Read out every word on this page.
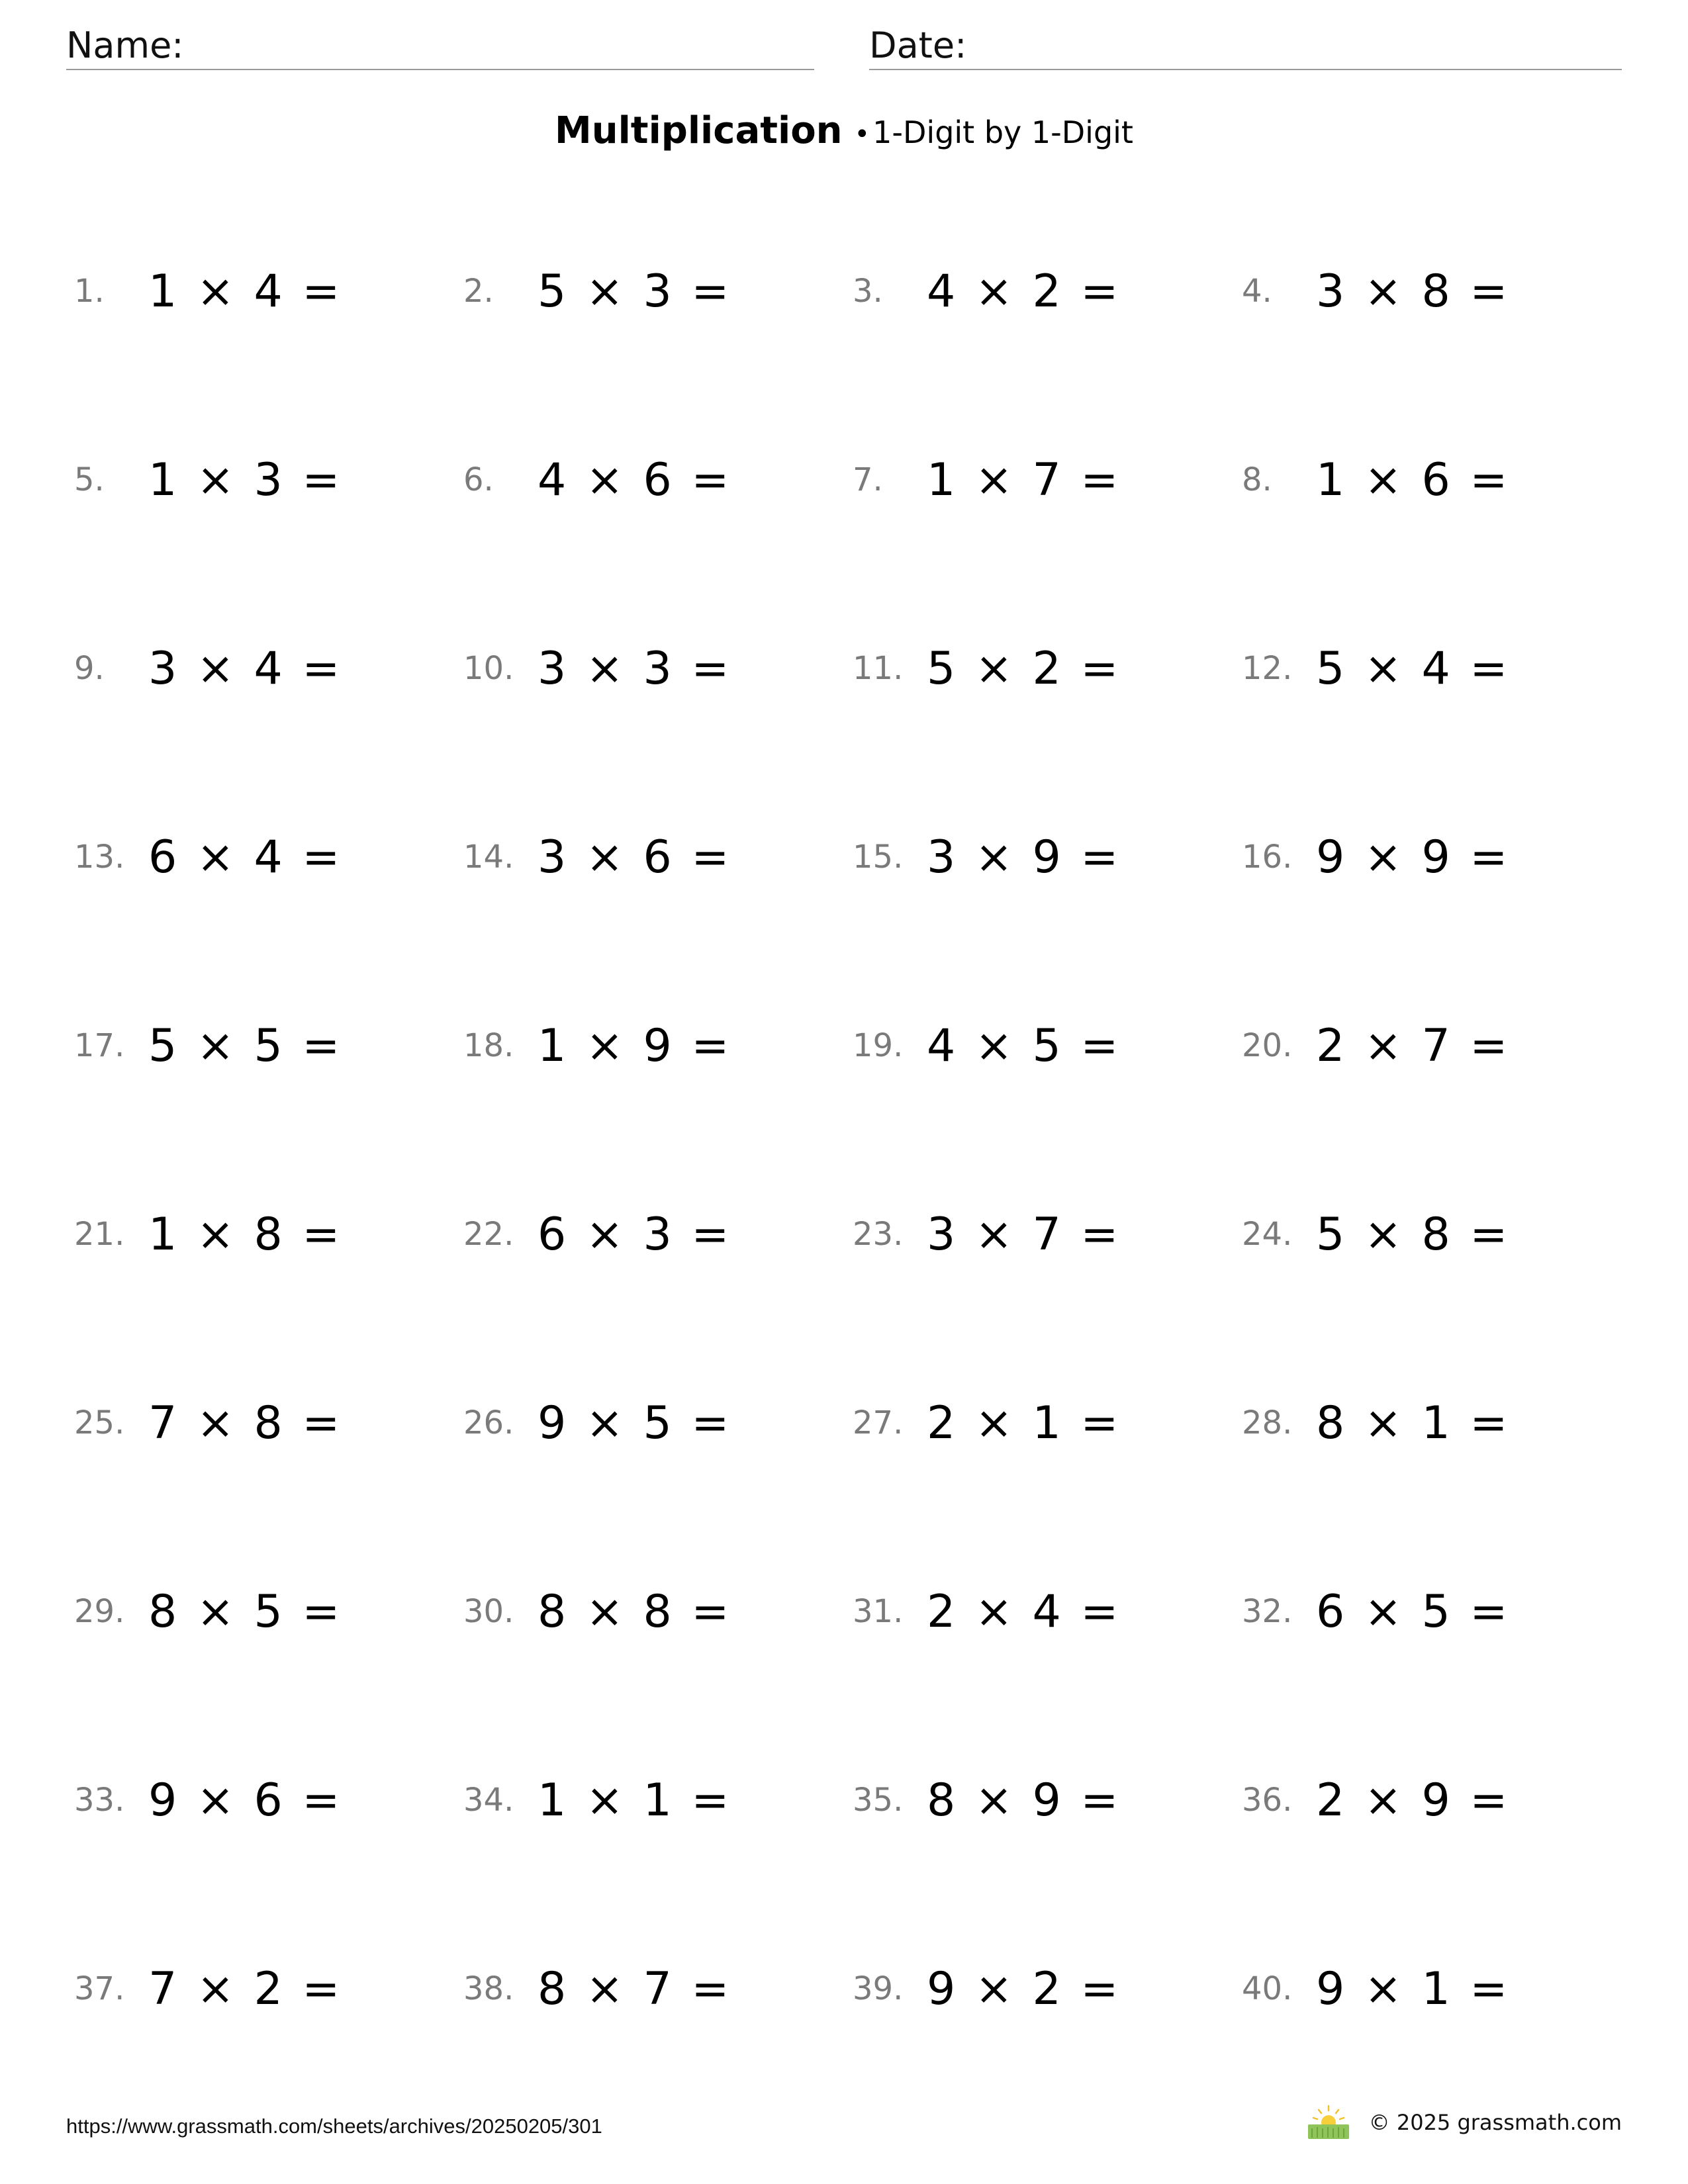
Name:	Date:
Multiplication •1-Digit by 1-Digit
1. 1 × 4 =	2. 5 × 3 =	3. 4 × 2 =	4. 3 × 8 =
5. 1 × 3 =	6. 4 × 6 =	7. 1 × 7 =	8. 1 × 6 =
9. 3 × 4 =	10. 3 × 3 =	11. 5 × 2 =	12. 5 × 4 =
13. 6 × 4 =	14. 3 × 6 =	15. 3 × 9 =	16. 9 × 9 =
17. 5 × 5 =	18. 1 × 9 =	19. 4 × 5 =	20. 2 × 7 =
21. 1 × 8 =	22. 6 × 3 =	23. 3 × 7 =	24. 5 × 8 =
25. 7 × 8 =	26. 9 × 5 =	27. 2 × 1 =	28. 8 × 1 =
29. 8 × 5 =	30. 8 × 8 =	31. 2 × 4 =	32. 6 × 5 =
33. 9 × 6 =	34. 1 × 1 =	35. 8 × 9 =	36. 2 × 9 =
37. 7 × 2 =	38. 8 × 7 =	39. 9 × 2 =	40. 9 × 1 =
https://www.grassmath.com/sheets/archives/20250205/301	© 2025 grassmath.com
